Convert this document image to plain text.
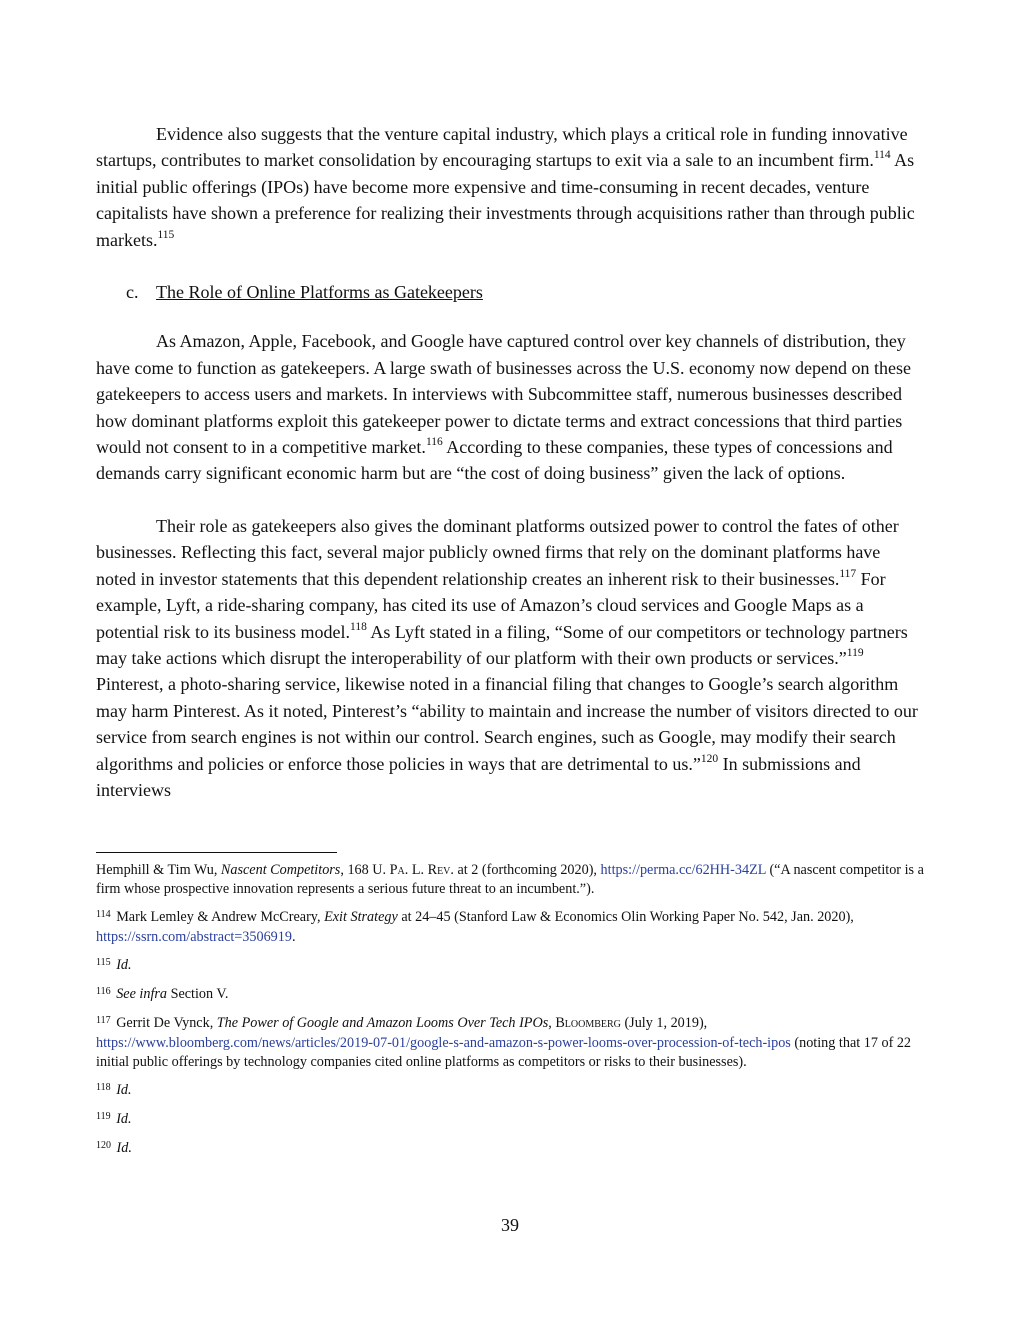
Evidence also suggests that the venture capital industry, which plays a critical role in funding innovative startups, contributes to market consolidation by encouraging startups to exit via a sale to an incumbent firm.$^{114}$ As initial public offerings (IPOs) have become more expensive and time-consuming in recent decades, venture capitalists have shown a preference for realizing their investments through acquisitions rather than through public markets.$^{115}$

c. The Role of Online Platforms as Gatekeepers

As Amazon, Apple, Facebook, and Google have captured control over key channels of distribution, they have come to function as gatekeepers. A large swath of businesses across the U.S. economy now depend on these gatekeepers to access users and markets. In interviews with Subcommittee staff, numerous businesses described how dominant platforms exploit this gatekeeper power to dictate terms and extract concessions that third parties would not consent to in a competitive market.$^{116}$ According to these companies, these types of concessions and demands carry significant economic harm but are “the cost of doing business” given the lack of options.

Their role as gatekeepers also gives the dominant platforms outsized power to control the fates of other businesses. Reflecting this fact, several major publicly owned firms that rely on the dominant platforms have noted in investor statements that this dependent relationship creates an inherent risk to their businesses.$^{117}$ For example, Lyft, a ride-sharing company, has cited its use of Amazon’s cloud services and Google Maps as a potential risk to its business model.$^{118}$ As Lyft stated in a filing, “Some of our competitors or technology partners may take actions which disrupt the interoperability of our platform with their own products or services.”$^{119}$ Pinterest, a photo-sharing service, likewise noted in a financial filing that changes to Google’s search algorithm may harm Pinterest. As it noted, Pinterest’s “ability to maintain and increase the number of visitors directed to our service from search engines is not within our control. Search engines, such as Google, may modify their search algorithms and policies or enforce those policies in ways that are detrimental to us.”$^{120}$ In submissions and interviews

Hemphill & Tim Wu, Nascent Competitors, 168 U. Pa. L. Rev. at 2 (forthcoming 2020), https://perma.cc/62HH-34ZL (“A nascent competitor is a firm whose prospective innovation represents a serious future threat to an incumbent.”).

$^{114}$ Mark Lemley & Andrew McCreary, Exit Strategy at 24–45 (Stanford Law & Economics Olin Working Paper No. 542, Jan. 2020), https://ssrn.com/abstract=3506919.

$^{115}$ Id.

$^{116}$ See infra Section V.

$^{117}$ Gerrit De Vynck, The Power of Google and Amazon Looms Over Tech IPOs, Bloomberg (July 1, 2019), https://www.bloomberg.com/news/articles/2019-07-01/google-s-and-amazon-s-power-looms-over-procession-of-tech-ipos (noting that 17 of 22 initial public offerings by technology companies cited online platforms as competitors or risks to their businesses).

$^{118}$ Id.

$^{119}$ Id.

$^{120}$ Id.

39
